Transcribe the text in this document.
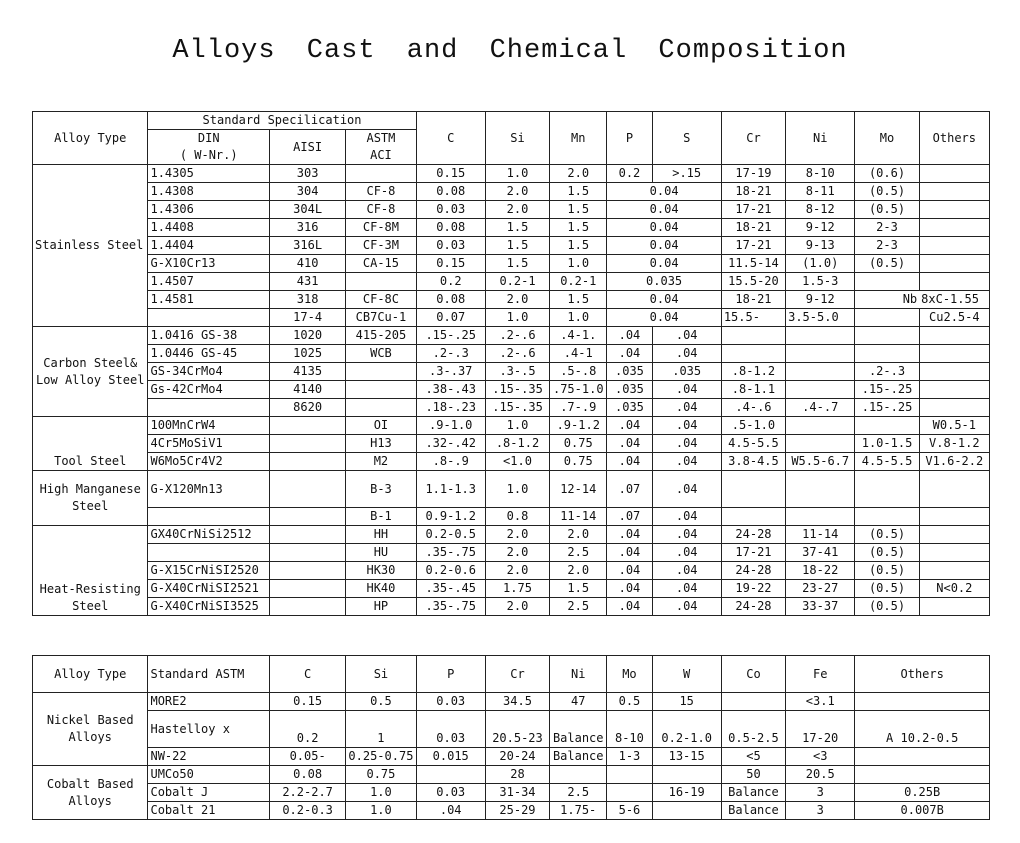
Alloys Cast and Chemical Composition
Alloy Type	Standard Specilication			C	Si	Mn	P	S	Cr	Ni	Mo	Others
	DIN	AISI	ASTM									
	( W-Nr.)		ACI									
Stainless Steel	1.4305	303		0.15	1.0	2.0	0.2	>.15	17-19	8-10	(0.6)	
	1.4308	304	CF-8	0.08	2.0	1.5	0.04		18-21	8-11	(0.5)	
	1.4306	304L	CF-8	0.03	2.0	1.5	0.04		17-21	8-12	(0.5)	
	1.4408	316	CF-8M	0.08	1.5	1.5	0.04		18-21	9-12	2-3	
	1.4404	316L	CF-3M	0.03	1.5	1.5	0.04		17-21	9-13	2-3	
	G-X10Cr13	410	CA-15	0.15	1.5	1.0	0.04		11.5-14	(1.0)	(0.5)	
	1.4507	431		0.2	0.2-1	0.2-1	0.035		15.5-20	1.5-3		
	1.4581	318	CF-8C	0.08	2.0	1.5	0.04		18-21	9-12	Nb	8xC-1.55
		17-4	CB7Cu-1	0.07	1.0	1.0	0.04		15.5-	3.5-5.0		Cu2.5-4
Carbon Steel& Low Alloy Steel	1.0416 GS-38	1020	415-205	.15-.25	.2-.6	.4-1.	.04	.04				
	1.0446 GS-45	1025	WCB	.2-.3	.2-.6	.4-1	.04	.04				
	GS-34CrMo4	4135		.3-.37	.3-.5	.5-.8	.035	.035	.8-1.2		.2-.3	
	Gs-42CrMo4	4140		.38-.43	.15-.35	.75-1.0	.035	.04	.8-1.1		.15-.25	
		8620		.18-.23	.15-.35	.7-.9	.035	.04	.4-.6	.4-.7	.15-.25	
Tool Steel	100MnCrW4		OI	.9-1.0	1.0	.9-1.2	.04	.04	.5-1.0			W0.5-1
	4Cr5MoSiV1		H13	.32-.42	.8-1.2	0.75	.04	.04	4.5-5.5		1.0-1.5	V.8-1.2
	W6Mo5Cr4V2		M2	.8-.9	<1.0	0.75	.04	.04	3.8-4.5	W5.5-6.7	4.5-5.5	V1.6-2.2
High Manganese Steel	G-X120Mn13		B-3	1.1-1.3	1.0	12-14	.07	.04				
			B-1	0.9-1.2	0.8	11-14	.07	.04				
Heat-Resisting Steel	GX40CrNiSi2512		HH	0.2-0.5	2.0	2.0	.04	.04	24-28	11-14	(0.5)	
			HU	.35-.75	2.0	2.5	.04	.04	17-21	37-41	(0.5)	
	G-X15CrNiSI2520		HK30	0.2-0.6	2.0	2.0	.04	.04	24-28	18-22	(0.5)	
	G-X40CrNiSI2521		HK40	.35-.45	1.75	1.5	.04	.04	19-22	23-27	(0.5)	N<0.2
	G-X40CrNiSI3525		HP	.35-.75	2.0	2.5	.04	.04	24-28	33-37	(0.5)	
Alloy Type	Standard ASTM	C	Si	P	Cr	Ni	Mo	W	Co	Fe	Others
Nickel Based Alloys	MORE2	0.15	0.5	0.03	34.5	47	0.5	15		<3.1	
	Hastelloy x	0.2	1	0.03	20.5-23	Balance	8-10	0.2-1.0	0.5-2.5	17-20	A 10.2-0.5
	NW-22	0.05-	0.25-0.75	0.015	20-24	Balance	1-3	13-15	<5	<3	
Cobalt Based Alloys	UMCo50	0.08	0.75		28				50	20.5	
	Cobalt J	2.2-2.7	1.0	0.03	31-34	2.5		16-19	Balance	3	0.25B
	Cobalt 21	0.2-0.3	1.0	.04	25-29	1.75-	5-6		Balance	3	0.007B
